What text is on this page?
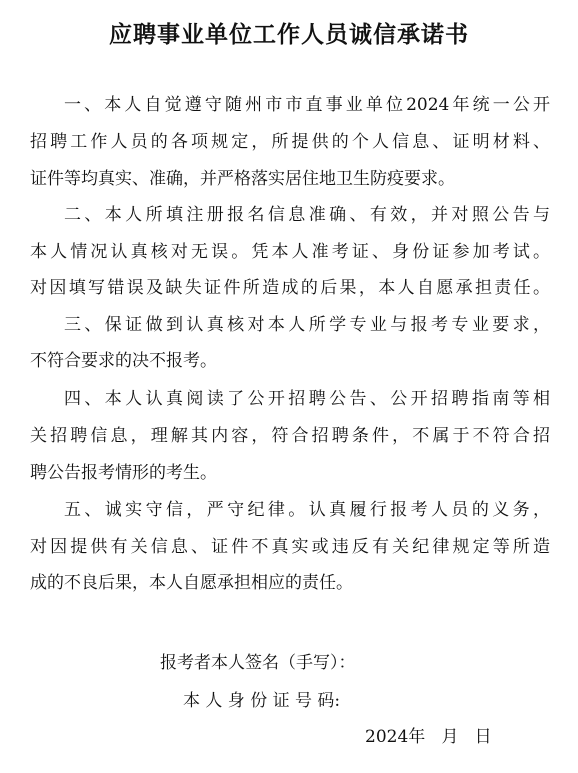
应聘事业单位工作人员诚信承诺书
一、本人自觉遵守随州市市直事业单位2024年统一公开
招聘工作人员的各项规定，所提供的个人信息、证明材料、
证件等均真实、准确，并严格落实居住地卫生防疫要求。
二、本人所填注册报名信息准确、有效，并对照公告与
本人情况认真核对无误。凭本人准考证、身份证参加考试。
对因填写错误及缺失证件所造成的后果，本人自愿承担责任。
三、保证做到认真核对本人所学专业与报考专业要求，
不符合要求的决不报考。
四、本人认真阅读了公开招聘公告、公开招聘指南等相
关招聘信息，理解其内容，符合招聘条件，不属于不符合招
聘公告报考情形的考生。
五、诚实守信，严守纪律。认真履行报考人员的义务，
对因提供有关信息、证件不真实或违反有关纪律规定等所造
成的不良后果，本人自愿承担相应的责任。
报考者本人签名（手写）：
本 人 身 份 证 号 码:
2024年   月   日
